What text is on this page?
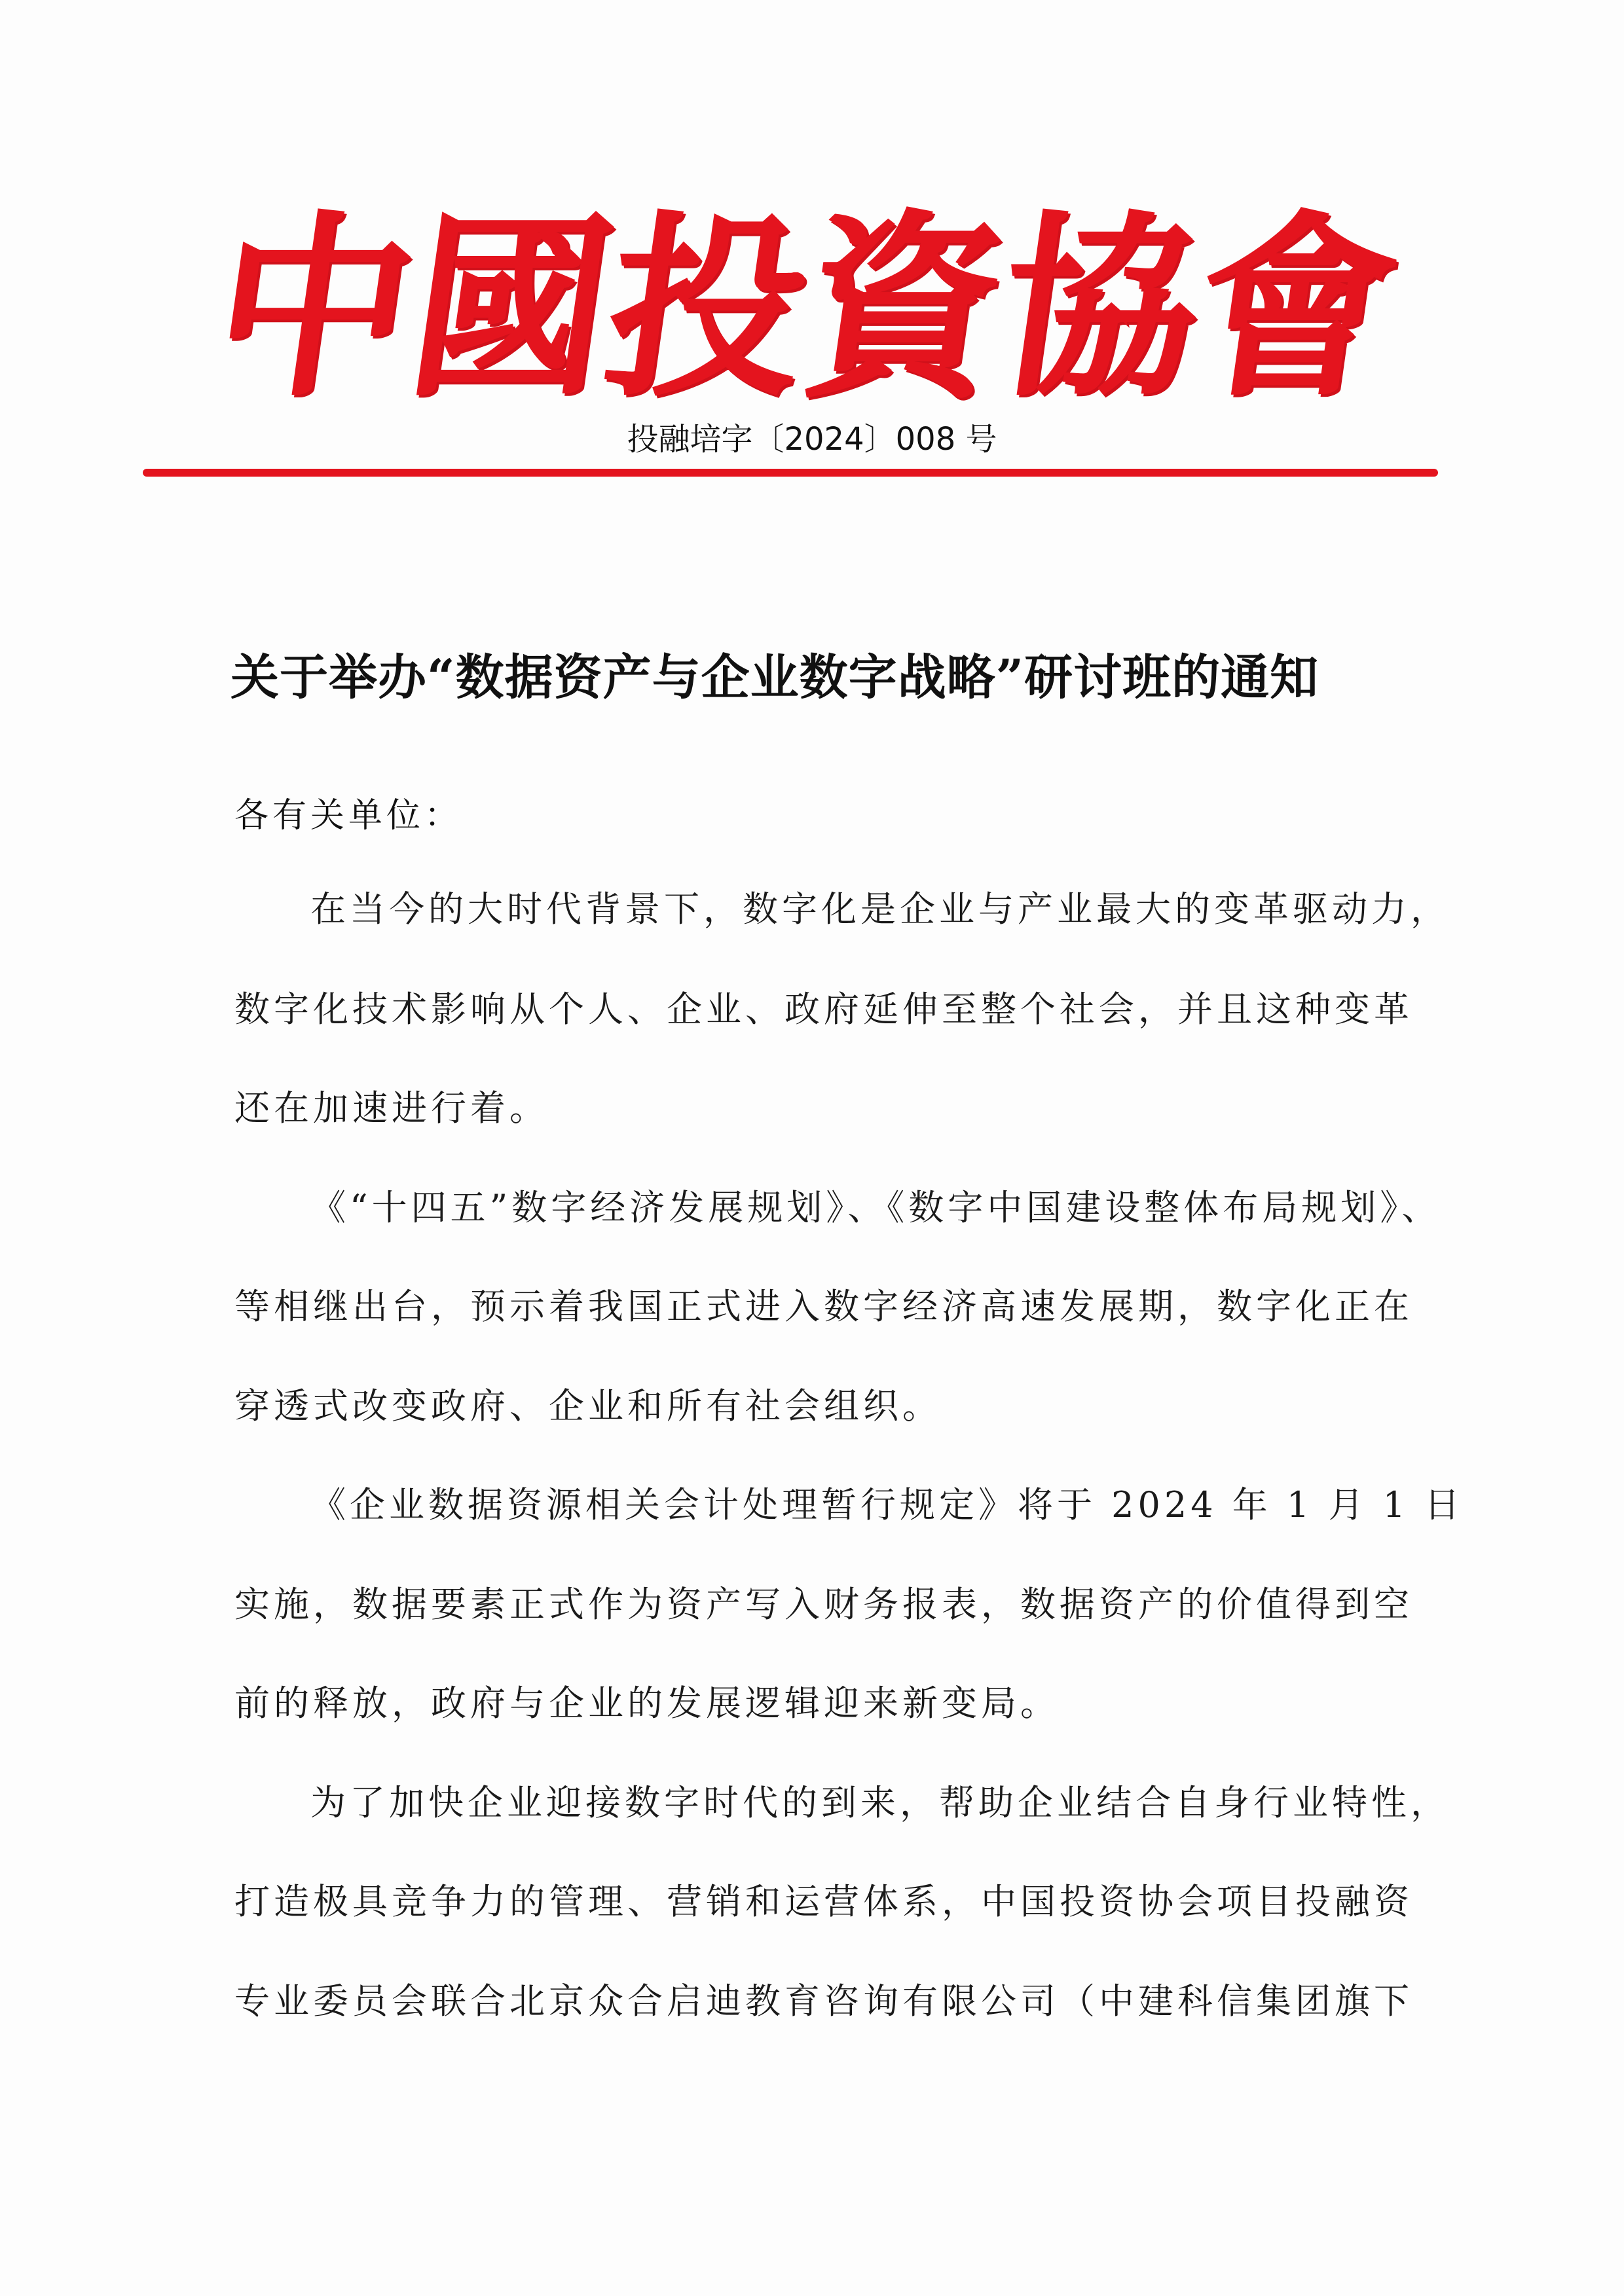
中
國
投
資
協
會
投融培字〔2024〕008 号
关于举办“数据资产与企业数字战略”研讨班的通知
各有关单位：
在当今的大时代背景下，数字化是企业与产业最大的变革驱动力，
数字化技术影响从个人、企业、政府延伸至整个社会，并且这种变革
还在加速进行着。
《“十四五”数字经济发展规划》、《数字中国建设整体布局规划》、
等相继出台，预示着我国正式进入数字经济高速发展期，数字化正在
穿透式改变政府、企业和所有社会组织。
《企业数据资源相关会计处理暂行规定》将于 2024 年 1 月 1 日
实施，数据要素正式作为资产写入财务报表，数据资产的价值得到空
前的释放，政府与企业的发展逻辑迎来新变局。
为了加快企业迎接数字时代的到来，帮助企业结合自身行业特性，
打造极具竞争力的管理、营销和运营体系，中国投资协会项目投融资
专业委员会联合北京众合启迪教育咨询有限公司（中建科信集团旗下
